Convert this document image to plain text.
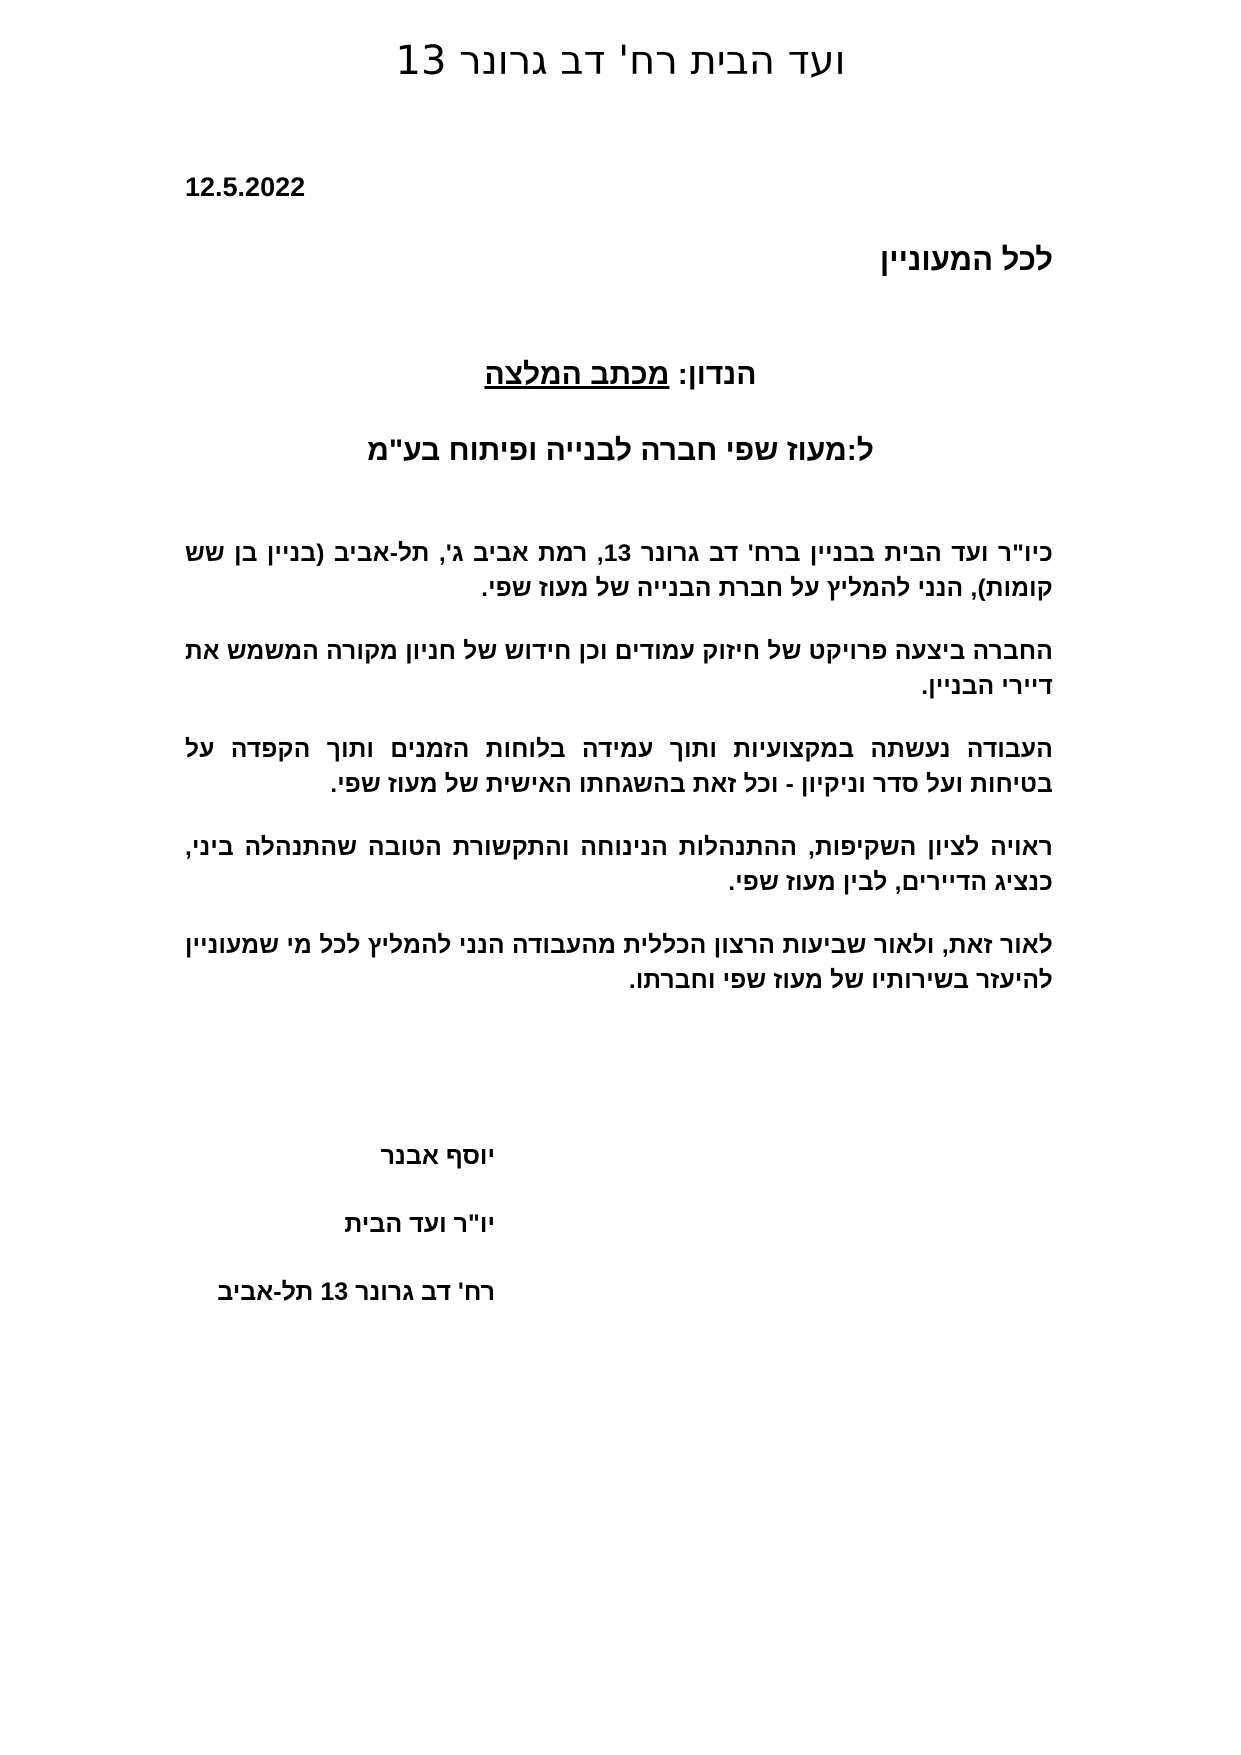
ועד הבית רח' דב גרונר 13
12.5.2022
לכל המעוניין
הנדון: מכתב המלצה
ל:מעוז שפי חברה לבנייה ופיתוח בע"מ

כיו"ר ועד הבית בבניין ברח' דב גרונר 13, רמת אביב ג', תל-אביב (בניין בן שש קומות), הנני להמליץ על חברת הבנייה של מעוז שפי.

החברה ביצעה פרויקט של חיזוק עמודים וכן חידוש של חניון מקורה המשמש את דיירי הבניין.

העבודה נעשתה במקצועיות ותוך עמידה בלוחות הזמנים ותוך הקפדה על בטיחות ועל סדר וניקיון - וכל זאת בהשגחתו האישית של מעוז שפי.

ראויה לציון השקיפות, ההתנהלות הנינוחה והתקשורת הטובה שהתנהלה ביני, כנציג הדיירים, לבין מעוז שפי.

לאור זאת, ולאור שביעות הרצון הכללית מהעבודה הנני להמליץ לכל מי שמעוניין להיעזר בשירותיו של מעוז שפי וחברתו.

יוסף אבנר
יו"ר ועד הבית
רח' דב גרונר 13 תל-אביב
